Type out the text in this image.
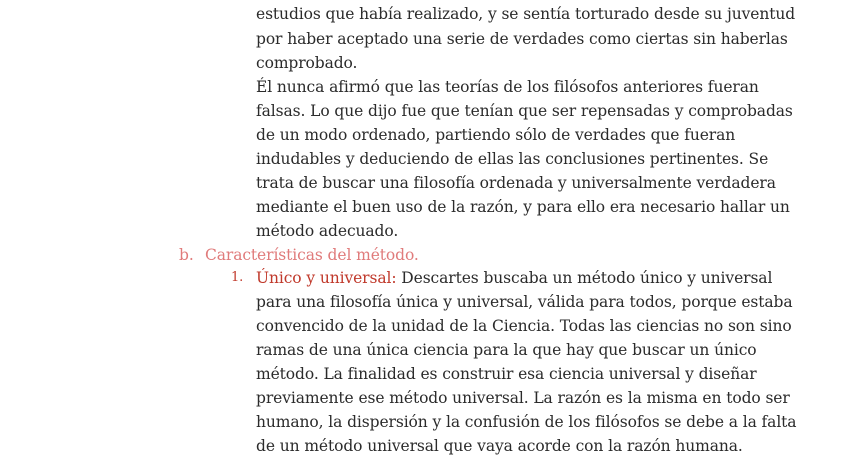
estudios que había realizado, y se sentía torturado desde su juventud
por haber aceptado una serie de verdades como ciertas sin haberlas
comprobado.
Él nunca afirmó que las teorías de los filósofos anteriores fueran
falsas. Lo que dijo fue que tenían que ser repensadas y comprobadas
de un modo ordenado, partiendo sólo de verdades que fueran
indudables y deduciendo de ellas las conclusiones pertinentes. Se
trata de buscar una filosofía ordenada y universalmente verdadera
mediante el buen uso de la razón, y para ello era necesario hallar un
método adecuado.
b. Características del método.
1. Único y universal: Descartes buscaba un método único y universal
para una filosofía única y universal, válida para todos, porque estaba
convencido de la unidad de la Ciencia. Todas las ciencias no son sino
ramas de una única ciencia para la que hay que buscar un único
método. La finalidad es construir esa ciencia universal y diseñar
previamente ese método universal. La razón es la misma en todo ser
humano, la dispersión y la confusión de los filósofos se debe a la falta
de un método universal que vaya acorde con la razón humana.
